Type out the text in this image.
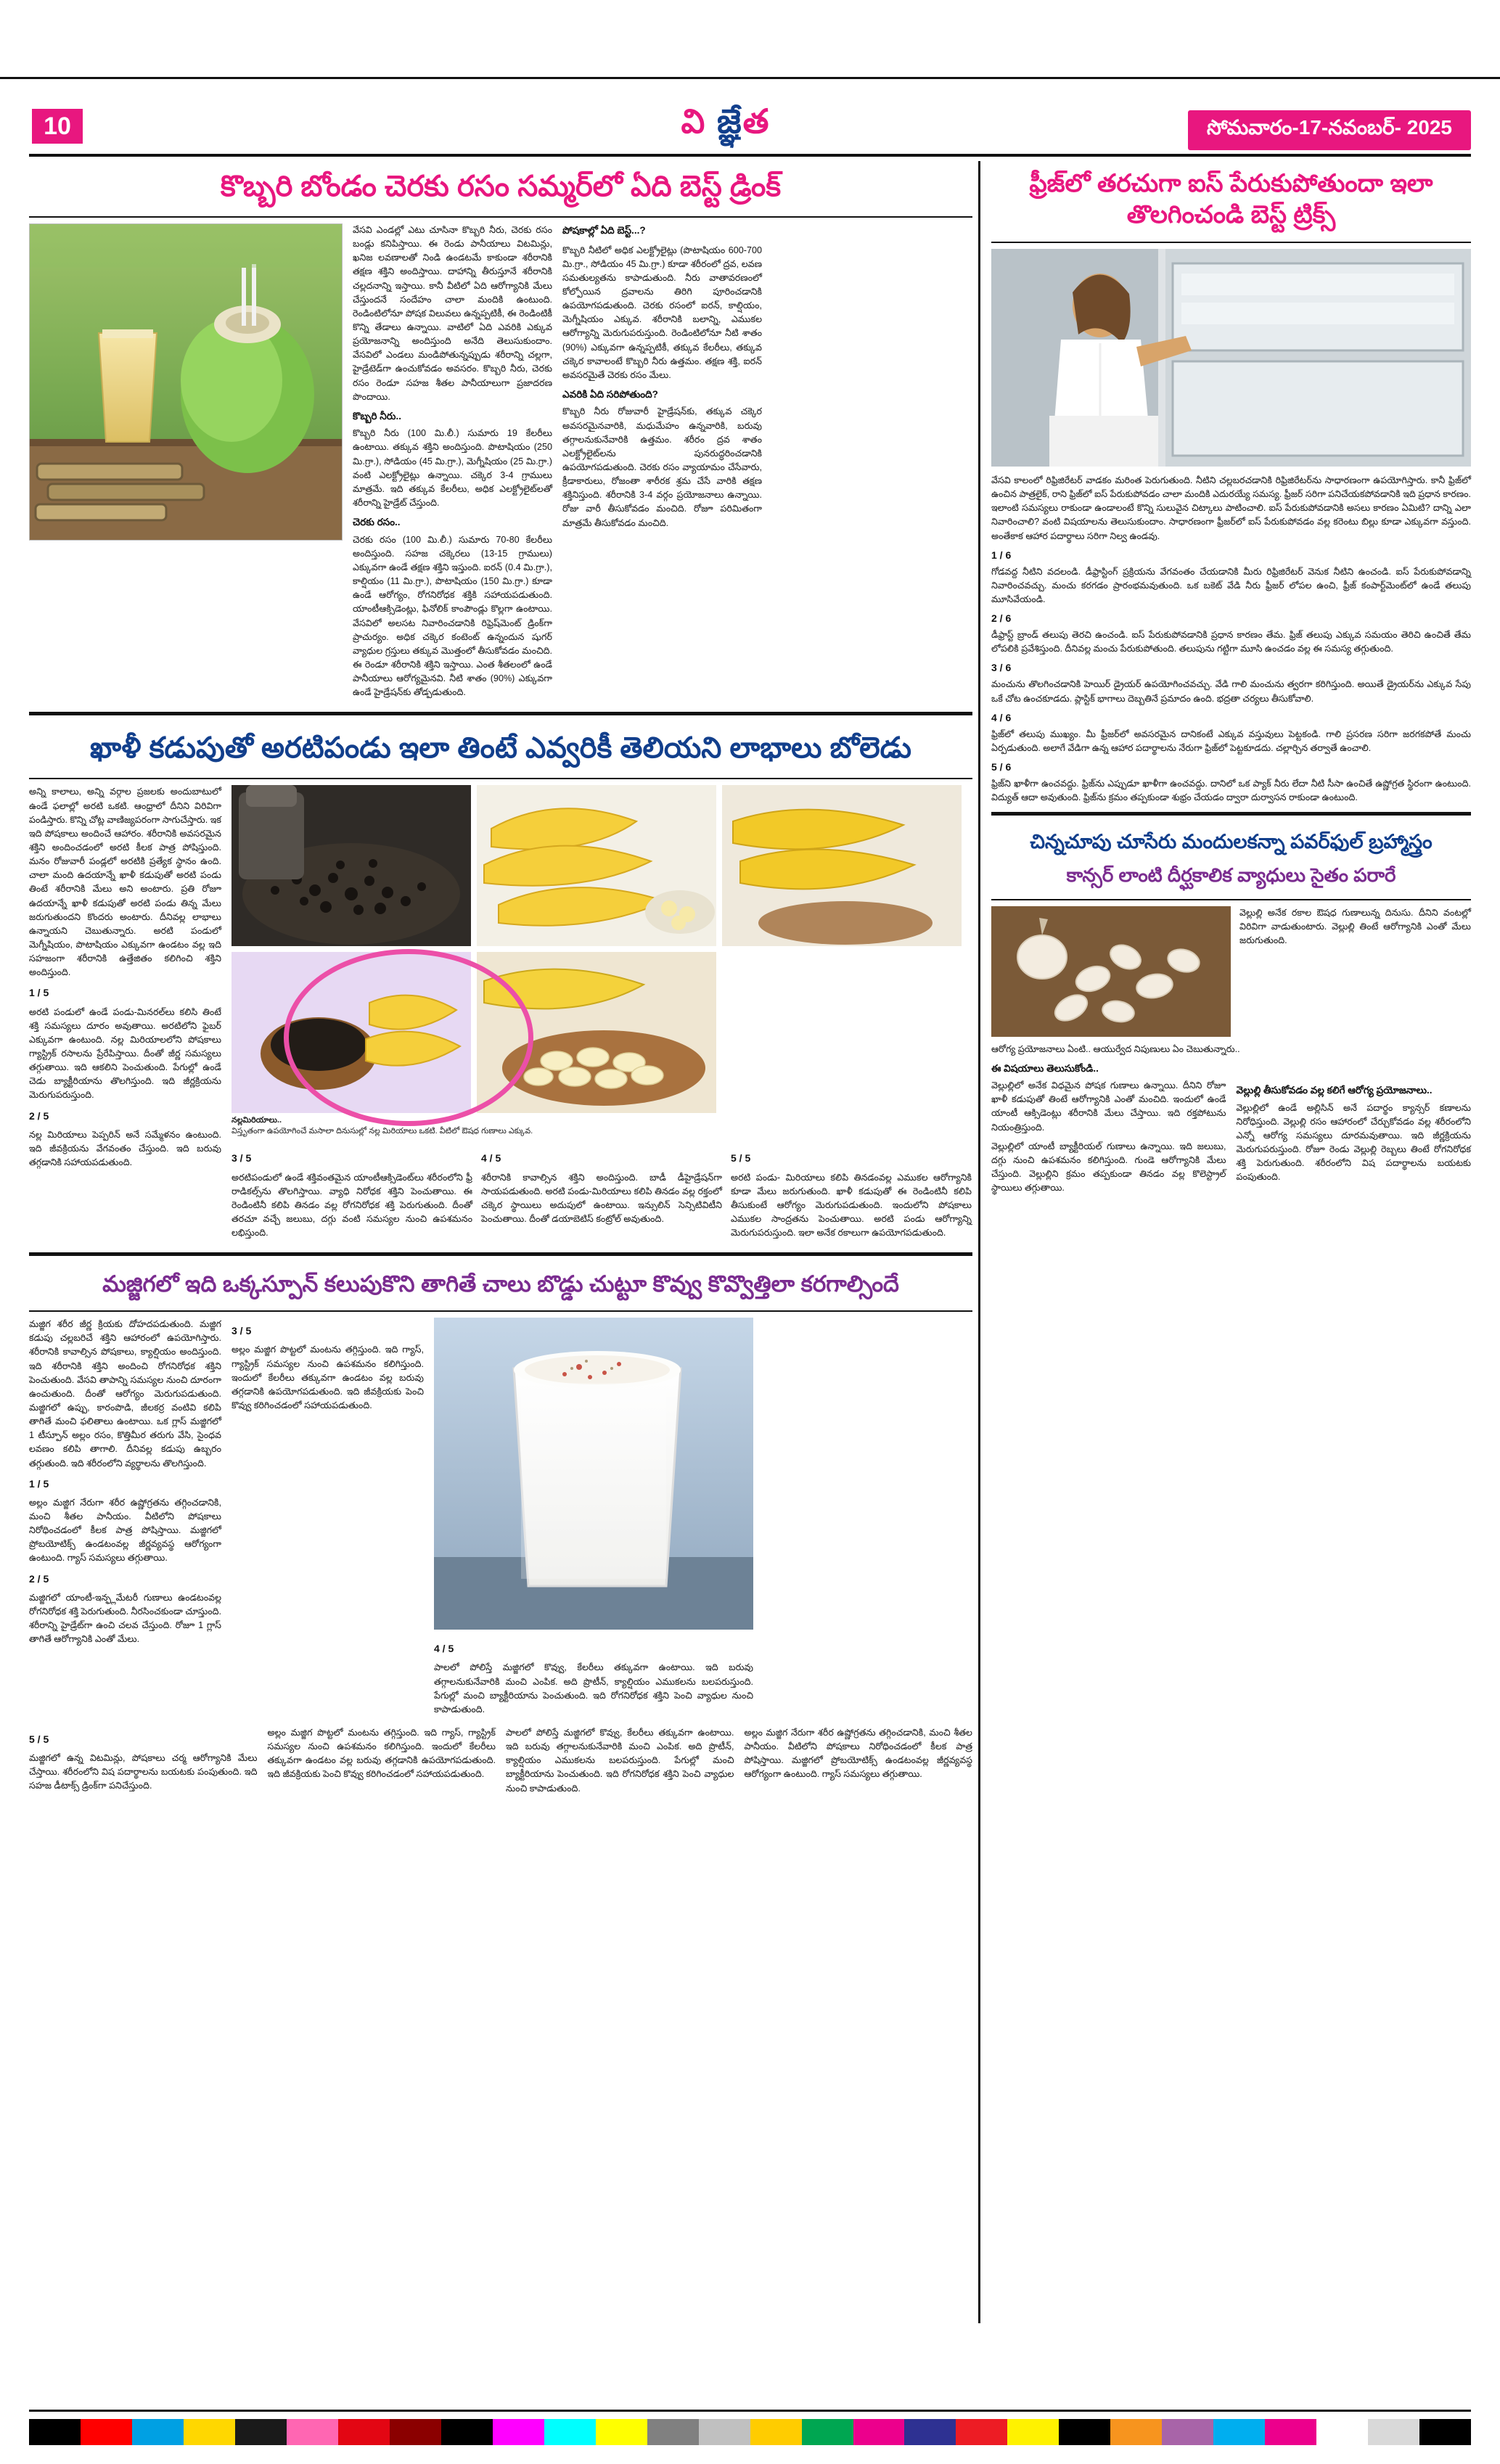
10	వి జ్ఞేత	సోమవారం-17-నవంబర్- 2025
కొబ్బరి బోండం చెరకు రసం సమ్మర్‌లో ఏది బెస్ట్ డ్రింక్

వేసవి ఎండల్లో ఎటు చూసినా కొబ్బరి నీరు, చెరకు రసం బండ్లు కనిపిస్తాయి. ఈ రెండు పానీయాలు విటమిన్లు, ఖనిజ లవణాలతో నిండి ఉండటమే కాకుండా శరీరానికి తక్షణ శక్తిని అందిస్తాయి. దాహాన్ని తీరుస్తూనే శరీరానికి చల్లదనాన్ని ఇస్తాయి. కానీ వీటిలో ఏది ఆరోగ్యానికి మేలు చేస్తుందనే సందేహం చాలా మందికి ఉంటుంది. రెండింటిలోనూ పోషక విలువలు ఉన్నప్పటికీ, ఈ రెండింటికీ కొన్ని తేడాలు ఉన్నాయి. వాటిలో ఏది ఎవరికి ఎక్కువ ప్రయోజనాన్ని అందిస్తుంది అనేది తెలుసుకుందాం. వేసవిలో ఎండలు మండిపోతున్నప్పుడు శరీరాన్ని చల్లగా, హైడ్రేటెడ్‌గా ఉంచుకోవడం అవసరం. కొబ్బరి నీరు, చెరకు రసం రెండూ సహజ శీతల పానీయాలుగా ప్రజాదరణ పొందాయి.

కొబ్బరి నీరు..

కొబ్బరి నీరు (100 మి.లీ.) సుమారు 19 కేలరీలు ఉంటాయి. తక్కువ శక్తిని అందిస్తుంది. పొటాషియం (250 మి.గ్రా.), సోడియం (45 మి.గ్రా.), మెగ్నీషియం (25 మి.గ్రా.) వంటి ఎలక్ట్రోలైట్లు ఉన్నాయి. చక్కెర 3-4 గ్రాములు మాత్రమే. ఇది తక్కువ కేలరీలు, అధిక ఎలక్ట్రోలైట్‌లతో శరీరాన్ని హైడ్రేట్ చేస్తుంది.

చెరకు రసం..

చెరకు రసం (100 మి.లీ.) సుమారు 70-80 కేలరీలు అందిస్తుంది. సహజ చక్కెరలు (13-15 గ్రాములు) ఎక్కువగా ఉండే తక్షణ శక్తిని ఇస్తుంది. ఐరన్ (0.4 మి.గ్రా.), కాల్షియం (11 మి.గ్రా.), పొటాషియం (150 మి.గ్రా.) కూడా ఉండే ఆరోగ్యం, రోగనిరోధక శక్తికి సహాయపడుతుంది. యాంటీఆక్సిడెంట్లు, ఫినోలిక్ కాంపౌండ్లు కొల్లగా ఉంటాయి. వేసవిలో అలసట నివారించడానికి రిఫ్రెష్‌మెంట్ డ్రింక్‌గా ప్రాచుర్యం. అధిక చక్కెర కంటెంట్ ఉన్నందున షుగర్ వ్యాధుల గ్రస్తులు తక్కువ మొత్తంలో తీసుకోవడం మంచిది. ఈ రెండూ శరీరానికి శక్తిని ఇస్తాయి. ఎంత శీతలంలో ఉండే పానీయాలు ఆరోగ్యమైనవి. నీటి శాతం (90%) ఎక్కువగా ఉండే హైడ్రేషన్‌కు తోడ్పడుతుంది.

పోషకాల్లో ఏది బెస్ట్...?

కొబ్బరి నీటిలో అధిక ఎలక్ట్రోలైట్లు (పొటాషియం 600-700 మి.గ్రా., సోడియం 45 మి.గ్రా.) కూడా శరీరంలో ద్రవ, లవణ సమతుల్యతను కాపాడుతుంది. నీరు వాతావరణంలో కోల్పోయిన ద్రవాలను తిరిగి పూరించడానికి ఉపయోగపడుతుంది. చెరకు రసంలో ఐరన్, కాల్షియం, మెగ్నీషియం ఎక్కువ. శరీరానికి బలాన్ని, ఎముకల ఆరోగ్యాన్ని మెరుగుపరుస్తుంది. రెండింటిలోనూ నీటి శాతం (90%) ఎక్కువగా ఉన్నప్పటికీ, తక్కువ కేలరీలు, తక్కువ చక్కెర కావాలంటే కొబ్బరి నీరు ఉత్తమం. తక్షణ శక్తి, ఐరన్ అవసరమైతే చెరకు రసం మేలు.

ఎవరికి ఏది సరిపోతుంది?

కొబ్బరి నీరు రోజువారీ హైడ్రేషన్‌కు, తక్కువ చక్కెర అవసరమైనవారికి, మధుమేహం ఉన్నవారికి, బరువు తగ్గాలనుకునేవారికి ఉత్తమం. శరీరం ద్రవ శాతం ఎలక్ట్రోలైట్‌లను పునరుద్ధరించడానికి ఉపయోగపడుతుంది. చెరకు రసం వ్యాయామం చేసేవారు, క్రీడాకారులు, రోజంతా శారీరక శ్రమ చేసే వారికి తక్షణ శక్తినిస్తుంది. శరీరానికి 3-4 వర్గం ప్రయోజనాలు ఉన్నాయి. రోజు వారీ తీసుకోవడం మంచిది. రోజూ పరిమితంగా మాత్రమే తీసుకోవడం మంచిది.

ఖాళీ కడుపుతో అరటిపండు ఇలా తింటే ఎవ్వరికీ తెలియని లాభాలు బోలెడు

అన్ని కాలాలు, అన్ని వర్గాల ప్రజలకు అందుబాటులో ఉండే ఫలాల్లో అరటి ఒకటి. ఆంధ్రాలో దీనిని విరివిగా పండిస్తారు. కొన్ని చోట్ల వాణిజ్యపరంగా సాగుచేస్తారు. ఇక ఇది పోషకాలు అందించే ఆహారం. శరీరానికి అవసరమైన శక్తిని అందించడంలో అరటి కీలక పాత్ర పోషిస్తుంది. మనం రోజువారీ పండ్లలో అరటికి ప్రత్యేక స్థానం ఉంది. చాలా మంది ఉదయాన్నే ఖాళీ కడుపుతో అరటి పండు తింటే శరీరానికి మేలు అని అంటారు. ప్రతి రోజూ ఉదయాన్నే ఖాళీ కడుపుతో అరటి పండు తిన్న మేలు జరుగుతుందని కొందరు అంటారు. దీనివల్ల లాభాలు ఉన్నాయని చెబుతున్నారు. అరటి పండులో మెగ్నీషియం, పొటాషియం ఎక్కువగా ఉండటం వల్ల ఇది సహజంగా శరీరానికి ఉత్తేజితం కలిగించి శక్తిని అందిస్తుంది.

1 / 5

అరటి పండులో ఉండే పండు-మినరల్‌లు కలిసి తింటే శక్తి సమస్యలు దూరం అవుతాయి. అరటిలోని ఫైబర్ ఎక్కువగా ఉంటుంది. నల్ల మిరియాలలోని పోషకాలు గ్యాస్ట్రిక్ రసాలను ప్రేరేపిస్తాయి. దీంతో జీర్ణ సమస్యలు తగ్గుతాయి. ఇది ఆకలిని పెంచుతుంది. పేగుల్లో ఉండే చెడు బ్యాక్టీరియాను తొలగిస్తుంది. ఇది జీర్ణక్రియను మెరుగుపరుస్తుంది.

2 / 5

నల్ల మిరియాలు పెప్పరిన్ అనే సమ్మేళనం ఉంటుంది. ఇది జీవక్రియను వేగవంతం చేస్తుంది. ఇది బరువు తగ్గడానికి సహాయపడుతుంది.

నల్లమిరియాలు..
విస్తృతంగా ఉపయోగించే మసాలా దినుసుల్లో నల్ల మిరియాలు ఒకటి. వీటిలో ఔషధ గుణాలు ఎక్కువ.
3 / 5

అరటిపండులో ఉండే శక్తివంతమైన యాంటీఆక్సిడెంట్‌లు శరీరంలోని ఫ్రీ రాడికల్స్‌ను తొలగిస్తాయి. వ్యాధి నిరోధక శక్తిని పెంచుతాయి. ఈ రెండింటినీ కలిపి తినడం వల్ల రోగనిరోధక శక్తి పెరుగుతుంది. దీంతో తరచూ వచ్చే జలుబు, దగ్గు వంటి సమస్యల నుంచి ఉపశమనం లభిస్తుంది.

4 / 5

శరీరానికి కావాల్సిన శక్తిని అందిస్తుంది. బాడీ డీహైడ్రేషన్‌గా సాయపడుతుంది. అరటి పండు-మిరియాలు కలిపి తినడం వల్ల రక్తంలో చక్కెర స్థాయిలు అదుపులో ఉంటాయి. ఇన్సులిన్ సెన్సిటివిటీని పెంచుతాయి. దీంతో డయాబెటిస్ కంట్రోల్ అవుతుంది.

5 / 5

అరటి పండు- మిరియాలు కలిపి తినడంవల్ల ఎముకల ఆరోగ్యానికి కూడా మేలు జరుగుతుంది. ఖాళీ కడుపుతో ఈ రెండింటినీ కలిపి తీసుకుంటే ఆరోగ్యం మెరుగుపడుతుంది. ఇందులోని పోషకాలు ఎముకల సాంద్రతను పెంచుతాయి. అరటి పండు ఆరోగ్యాన్ని మెరుగుపరుస్తుంది. ఇలా అనేక రకాలుగా ఉపయోగపడుతుంది.

మజ్జిగలో ఇది ఒక్కస్పూన్ కలుపుకొని తాగితే చాలు బొడ్డు చుట్టూ కొవ్వు కొవ్వొత్తిలా కరగాల్సిందే

మజ్జిగ శరీర జీర్ణ క్రియకు దోహదపడుతుంది. మజ్జిగ కడుపు చల్లబరిచే శక్తిని ఆహారంలో ఉపయోగిస్తారు. శరీరానికి కావాల్సిన పోషకాలు, క్యాల్షియం అందిస్తుంది. ఇది శరీరానికి శక్తిని అందించి రోగనిరోధక శక్తిని పెంచుతుంది. వేసవి తాపాన్ని సమస్యల నుంచి దూరంగా ఉంచుతుంది. దీంతో ఆరోగ్యం మెరుగుపడుతుంది. మజ్జిగలో ఉప్పు, కారంపొడి, జీలకర్ర వంటివి కలిపి తాగితే మంచి ఫలితాలు ఉంటాయి. ఒక గ్లాస్ మజ్జిగలో 1 టీస్పూన్ అల్లం రసం, కొత్తిమీర తరుగు వేసి, సైంధవ లవణం కలిపి తాగాలి. దీనివల్ల కడుపు ఉబ్బరం తగ్గుతుంది. ఇది శరీరంలోని వ్యర్థాలను తొలగిస్తుంది.

1 / 5

అల్లం మజ్జిగ నేరుగా శరీర ఉష్ణోగ్రతను తగ్గించడానికి, మంచి శీతల పానీయం. వీటిలోని పోషకాలు నిరోధించడంలో కీలక పాత్ర పోషిస్తాయి. మజ్జిగలో ప్రోబయోటిక్స్ ఉండటంవల్ల జీర్ణవ్యవస్థ ఆరోగ్యంగా ఉంటుంది. గ్యాస్ సమస్యలు తగ్గుతాయి.

2 / 5

మజ్జిగలో యాంటీ-ఇన్ఫ్లమేటరీ గుణాలు ఉండటంవల్ల రోగనిరోధక శక్తి పెరుగుతుంది. నీరసించకుండా చూస్తుంది. శరీరాన్ని హైడ్రేట్‌గా ఉంచి చలవ చేస్తుంది. రోజూ 1 గ్లాస్ తాగితే ఆరోగ్యానికి ఎంతో మేలు.

3 / 5

అల్లం మజ్జిగ పొట్టలో మంటను తగ్గిస్తుంది. ఇది గ్యాస్, గ్యాస్ట్రిక్ సమస్యల నుంచి ఉపశమనం కలిగిస్తుంది. ఇందులో కేలరీలు తక్కువగా ఉండటం వల్ల బరువు తగ్గడానికి ఉపయోగపడుతుంది. ఇది జీవక్రియకు పెంచి కొవ్వు కరిగించడంలో సహాయపడుతుంది.

4 / 5

పాలలో పోలిస్తే మజ్జిగలో కొవ్వు, కేలరీలు తక్కువగా ఉంటాయి. ఇది బరువు తగ్గాలనుకునేవారికి మంచి ఎంపిక. అది ప్రొటీన్, క్యాల్షియం ఎముకలను బలపరుస్తుంది. పేగుల్లో మంచి బ్యాక్టీరియాను పెంచుతుంది. ఇది రోగనిరోధక శక్తిని పెంచి వ్యాధుల నుంచి కాపాడుతుంది.

5 / 5

మజ్జిగలో ఉన్న విటమిన్లు, పోషకాలు చర్మ ఆరోగ్యానికి మేలు చేస్తాయి. శరీరంలోని విష పదార్థాలను బయటకు పంపుతుంది. ఇది సహజ డీటాక్స్ డ్రింక్‌గా పనిచేస్తుంది.

అల్లం మజ్జిగ పొట్టలో మంటను తగ్గిస్తుంది. ఇది గ్యాస్, గ్యాస్ట్రిక్ సమస్యల నుంచి ఉపశమనం కలిగిస్తుంది. ఇందులో కేలరీలు తక్కువగా ఉండటం వల్ల బరువు తగ్గడానికి ఉపయోగపడుతుంది. ఇది జీవక్రియకు పెంచి కొవ్వు కరిగించడంలో సహాయపడుతుంది.

పాలలో పోలిస్తే మజ్జిగలో కొవ్వు, కేలరీలు తక్కువగా ఉంటాయి. ఇది బరువు తగ్గాలనుకునేవారికి మంచి ఎంపిక. అది ప్రొటీన్, క్యాల్షియం ఎముకలను బలపరుస్తుంది. పేగుల్లో మంచి బ్యాక్టీరియాను పెంచుతుంది. ఇది రోగనిరోధక శక్తిని పెంచి వ్యాధుల నుంచి కాపాడుతుంది.

అల్లం మజ్జిగ నేరుగా శరీర ఉష్ణోగ్రతను తగ్గించడానికి, మంచి శీతల పానీయం. వీటిలోని పోషకాలు నిరోధించడంలో కీలక పాత్ర పోషిస్తాయి. మజ్జిగలో ప్రోబయోటిక్స్ ఉండటంవల్ల జీర్ణవ్యవస్థ ఆరోగ్యంగా ఉంటుంది. గ్యాస్ సమస్యలు తగ్గుతాయి.

ఫ్రీజ్‌లో తరచుగా ఐస్ పేరుకుపోతుందా ఇలా తొలగించండి బెస్ట్ ట్రిక్స్

వేసవి కాలంలో రిఫ్రిజిరేటర్ వాడకం మరింత పెరుగుతుంది. నీటిని చల్లబరచడానికి రిఫ్రిజిరేటర్‌ను సాధారణంగా ఉపయోగిస్తారు. కానీ ఫ్రిజ్‌లో ఉంచిన పాత్రలైక్, రాని ఫ్రిజ్‌లో ఐస్ పేరుకుపోవడం చాలా మందికి ఎదురయ్యే సమస్య. ఫ్రీజర్ సరిగా పనిచేయకపోవడానికి ఇది ప్రధాన కారణం. ఇలాంటి సమస్యలు రాకుండా ఉండాలంటే కొన్ని సులువైన చిట్కాలు పాటించాలి. ఐస్ పేరుకుపోవడానికి అసలు కారణం ఏమిటి? దాన్ని ఎలా నివారించాలి? వంటి విషయాలను తెలుసుకుందాం. సాధారణంగా ఫ్రీజర్‌లో ఐస్ పేరుకుపోవడం వల్ల కరెంటు బిల్లు కూడా ఎక్కువగా వస్తుంది. అంతేకాక ఆహార పదార్థాలు సరిగా నిల్వ ఉండవు.

1 / 6

గోడవద్ద నీటిని వదలండి. డీఫ్రాస్టింగ్ ప్రక్రియను వేగవంతం చేయడానికి మీరు రిఫ్రిజిరేటర్ వెనుక నీటిని ఉంచండి. ఐస్ పేరుకుపోవడాన్ని నివారించవచ్చు. మంచు కరగడం ప్రారంభమవుతుంది. ఒక బకెట్ వేడి నీరు ఫ్రీజర్ లోపల ఉంచి, ఫ్రీజ్ కంపార్ట్‌మెంట్‌లో ఉండే తలుపు మూసివేయండి.

2 / 6

డీఫ్రాస్ట్ బ్రాండ్ తలుపు తెరచి ఉంచండి. ఐస్ పేరుకుపోవడానికి ప్రధాన కారణం తేమ. ఫ్రిజ్ తలుపు ఎక్కువ సమయం తెరిచి ఉంచితే తేమ లోపలికి ప్రవేశిస్తుంది. దీనివల్ల మంచు పేరుకుపోతుంది. తలుపును గట్టిగా మూసి ఉంచడం వల్ల ఈ సమస్య తగ్గుతుంది.

3 / 6

మంచును తొలగించడానికి హెయిర్ డ్రైయర్ ఉపయోగించవచ్చు. వేడి గాలి మంచును త్వరగా కరిగిస్తుంది. అయితే డ్రైయర్‌ను ఎక్కువ సేపు ఒకే చోట ఉంచకూడదు. ప్లాస్టిక్ భాగాలు దెబ్బతినే ప్రమాదం ఉంది. భద్రతా చర్యలు తీసుకోవాలి.

4 / 6

ఫ్రిజ్‌లో తలుపు ముఖ్యం. మీ ఫ్రీజర్‌లో అవసరమైన దానికంటే ఎక్కువ వస్తువులు పెట్టకండి. గాలి ప్రసరణ సరిగా జరగకపోతే మంచు ఏర్పడుతుంది. అలాగే వేడిగా ఉన్న ఆహార పదార్థాలను నేరుగా ఫ్రిజ్‌లో పెట్టకూడదు. చల్లార్చిన తర్వాతే ఉంచాలి.

5 / 6

ఫ్రిజ్‌ని ఖాళీగా ఉంచవద్దు. ఫ్రిజ్‌ను ఎప్పుడూ ఖాళీగా ఉంచవద్దు. దానిలో ఒక ప్యాక్ నీరు లేదా నీటి సీసా ఉంచితే ఉష్ణోగ్రత స్థిరంగా ఉంటుంది. విద్యుత్ ఆదా అవుతుంది. ఫ్రిజ్‌ను క్రమం తప్పకుండా శుభ్రం చేయడం ద్వారా దుర్వాసన రాకుండా ఉంటుంది.

చిన్నచూపు చూసేరు మందులకన్నా పవర్‌ఫుల్ బ్రహ్మాస్త్రం
కాన్సర్ లాంటి దీర్ఘకాలిక వ్యాధులు సైతం పరారే

వెల్లుల్లి అనేక రకాల ఔషధ గుణాలున్న దినుసు. దీనిని వంటల్లో విరివిగా వాడుతుంటారు. వెల్లుల్లి తింటే ఆరోగ్యానికి ఎంతో మేలు జరుగుతుంది.

ఆరోగ్య ప్రయోజనాలు ఏంటి.. ఆయుర్వేద నిపుణులు ఏం చెబుతున్నారు..

ఈ విషయాలు తెలుసుకోండి..

వెల్లుల్లిలో అనేక విధమైన పోషక గుణాలు ఉన్నాయి. దీనిని రోజూ ఖాళీ కడుపుతో తింటే ఆరోగ్యానికి ఎంతో మంచిది. ఇందులో ఉండే యాంటీ ఆక్సిడెంట్లు శరీరానికి మేలు చేస్తాయి. ఇది రక్తపోటును నియంత్రిస్తుంది.

వెల్లుల్లిలో యాంటీ బ్యాక్టీరియల్ గుణాలు ఉన్నాయి. ఇది జలుబు, దగ్గు నుంచి ఉపశమనం కలిగిస్తుంది. గుండె ఆరోగ్యానికి మేలు చేస్తుంది. వెల్లుల్లిని క్రమం తప్పకుండా తినడం వల్ల కొలెస్ట్రాల్ స్థాయిలు తగ్గుతాయి.

వెల్లుల్లి తీసుకోవడం వల్ల కలిగే ఆరోగ్య ప్రయోజనాలు..

వెల్లుల్లిలో ఉండే అల్లిసిన్ అనే పదార్థం క్యాన్సర్ కణాలను నిరోధిస్తుంది. వెల్లుల్లి రసం ఆహారంలో చేర్చుకోవడం వల్ల శరీరంలోని ఎన్నో ఆరోగ్య సమస్యలు దూరమవుతాయి. ఇది జీర్ణక్రియను మెరుగుపరుస్తుంది. రోజూ రెండు వెల్లుల్లి రెబ్బలు తింటే రోగనిరోధక శక్తి పెరుగుతుంది. శరీరంలోని విష పదార్థాలను బయటకు పంపుతుంది.
